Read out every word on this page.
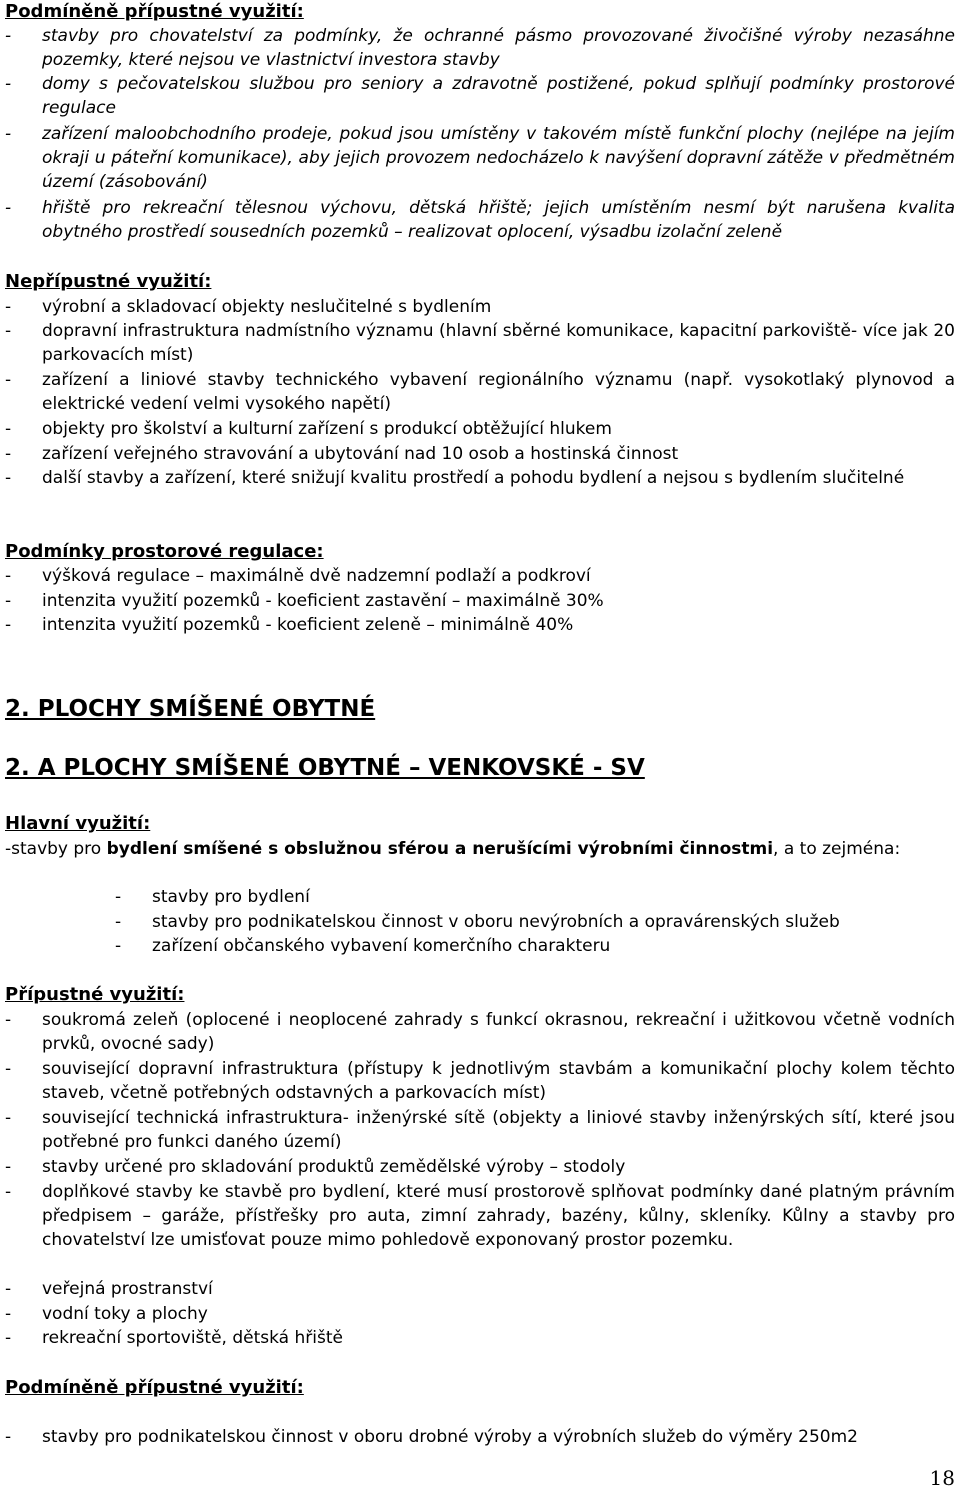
Podmíněně přípustné využití:
-	stavby pro chovatelství za podmínky, že ochranné pásmo provozované živočišné výroby nezasáhne pozemky, které nejsou ve vlastnictví investora stavby
-	domy s pečovatelskou službou pro seniory a zdravotně postižené, pokud splňují podmínky prostorové regulace
-	zařízení maloobchodního prodeje, pokud jsou umístěny v takovém místě funkční plochy (nejlépe na jejím okraji u páteřní komunikace), aby jejich provozem nedocházelo k navýšení dopravní zátěže v předmětném území (zásobování)
-	hřiště pro rekreační tělesnou výchovu, dětská hřiště; jejich umístěním nesmí být narušena kvalita obytného prostředí sousedních pozemků – realizovat oplocení, výsadbu izolační zeleně
Nepřípustné využití:
-	výrobní a skladovací objekty neslučitelné s bydlením
-	dopravní infrastruktura nadmístního významu (hlavní sběrné komunikace, kapacitní parkoviště- více jak 20 parkovacích míst)
-	zařízení a liniové stavby technického vybavení regionálního významu (např. vysokotlaký plynovod a elektrické vedení velmi vysokého napětí)
-	objekty pro školství a kulturní zařízení s produkcí obtěžující hlukem
-	zařízení veřejného stravování a ubytování nad 10 osob a hostinská činnost
-	další stavby a zařízení, které snižují kvalitu prostředí a pohodu bydlení a nejsou s bydlením slučitelné
Podmínky prostorové regulace:
-	výšková regulace – maximálně dvě nadzemní podlaží a podkroví
-	intenzita využití pozemků - koeficient zastavění – maximálně 30%
-	intenzita využití pozemků - koeficient zeleně – minimálně 40%
2. PLOCHY SMÍŠENÉ OBYTNÉ
2. A PLOCHY SMÍŠENÉ OBYTNÉ – VENKOVSKÉ - SV
Hlavní využití:
-stavby pro bydlení smíšené s obslužnou sférou a nerušícími výrobními činnostmi, a to zejména:
- stavby pro bydlení
- stavby pro podnikatelskou činnost v oboru nevýrobních a opravárenských služeb
- zařízení občanského vybavení komerčního charakteru
Přípustné využití:
-	soukromá zeleň (oplocené i neoplocené zahrady s funkcí okrasnou, rekreační i užitkovou včetně vodních prvků, ovocné sady)
-	související dopravní infrastruktura (přístupy k jednotlivým stavbám a komunikační plochy kolem těchto staveb, včetně potřebných odstavných a parkovacích míst)
-	související technická infrastruktura- inženýrské sítě (objekty a liniové stavby inženýrských sítí, které jsou potřebné pro funkci daného území)
-	stavby určené pro skladování produktů zemědělské výroby – stodoly
-	doplňkové stavby ke stavbě pro bydlení, které musí prostorově splňovat podmínky dané platným právním předpisem – garáže, přístřešky pro auta, zimní zahrady, bazény, kůlny, skleníky. Kůlny a stavby pro chovatelství lze umisťovat pouze mimo pohledově exponovaný prostor pozemku.
-	veřejná prostranství
-	vodní toky a plochy
-	rekreační sportoviště, dětská hřiště
Podmíněně přípustné využití:
-	stavby pro podnikatelskou činnost v oboru drobné výroby a výrobních služeb do výměry 250m2
18
